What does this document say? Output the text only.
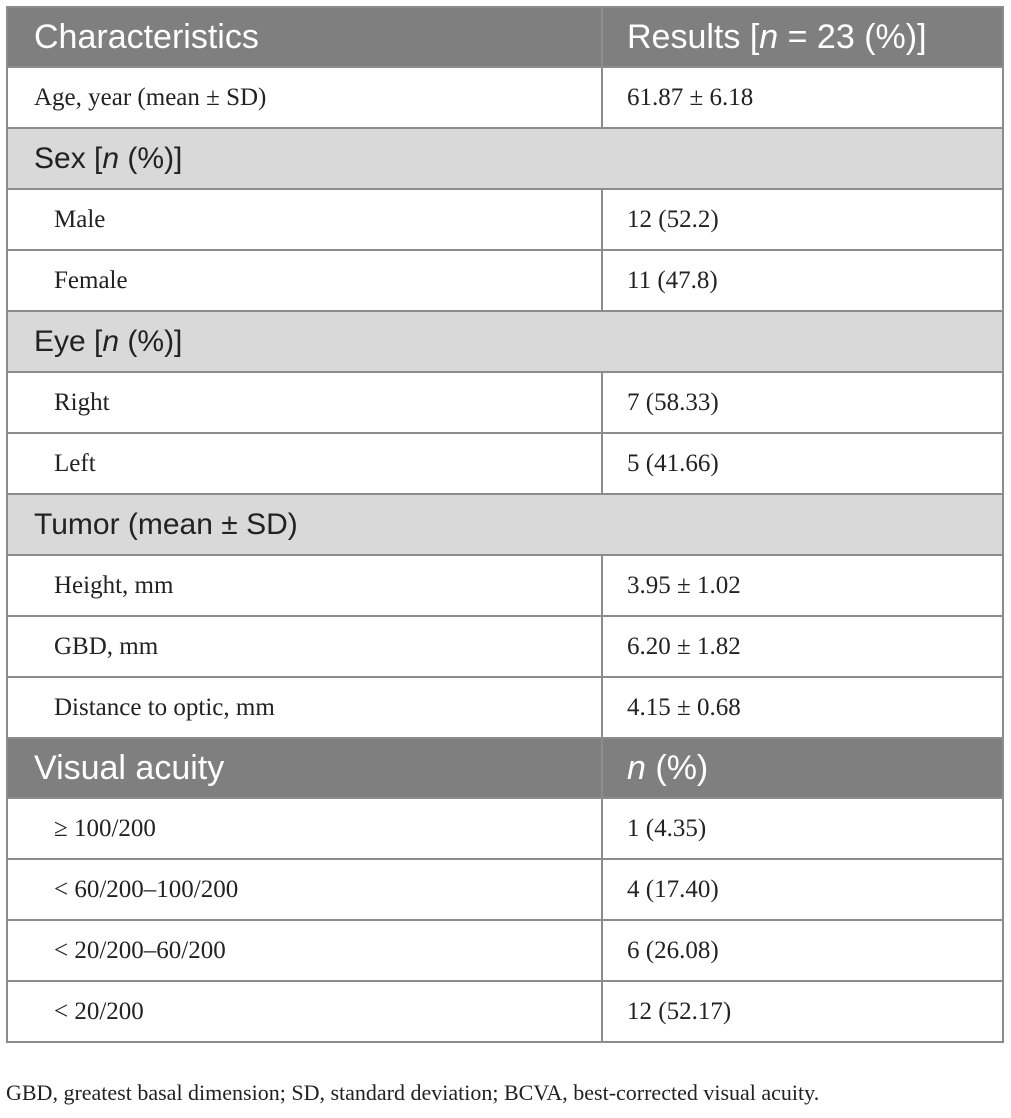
Characteristics	Results [n = 23 (%)]
Age, year (mean ± SD)	61.87 ± 6.18
Sex [n (%)]	
Male	12 (52.2)
Female	11 (47.8)
Eye [n (%)]	
Right	7 (58.33)
Left	5 (41.66)
Tumor (mean ± SD)	
Height, mm	3.95 ± 1.02
GBD, mm	6.20 ± 1.82
Distance to optic, mm	4.15 ± 0.68
Visual acuity	n (%)
≥ 100/200	1 (4.35)
< 60/200–100/200	4 (17.40)
< 20/200–60/200	6 (26.08)
< 20/200	12 (52.17)
GBD, greatest basal dimension; SD, standard deviation; BCVA, best-corrected visual acuity.
